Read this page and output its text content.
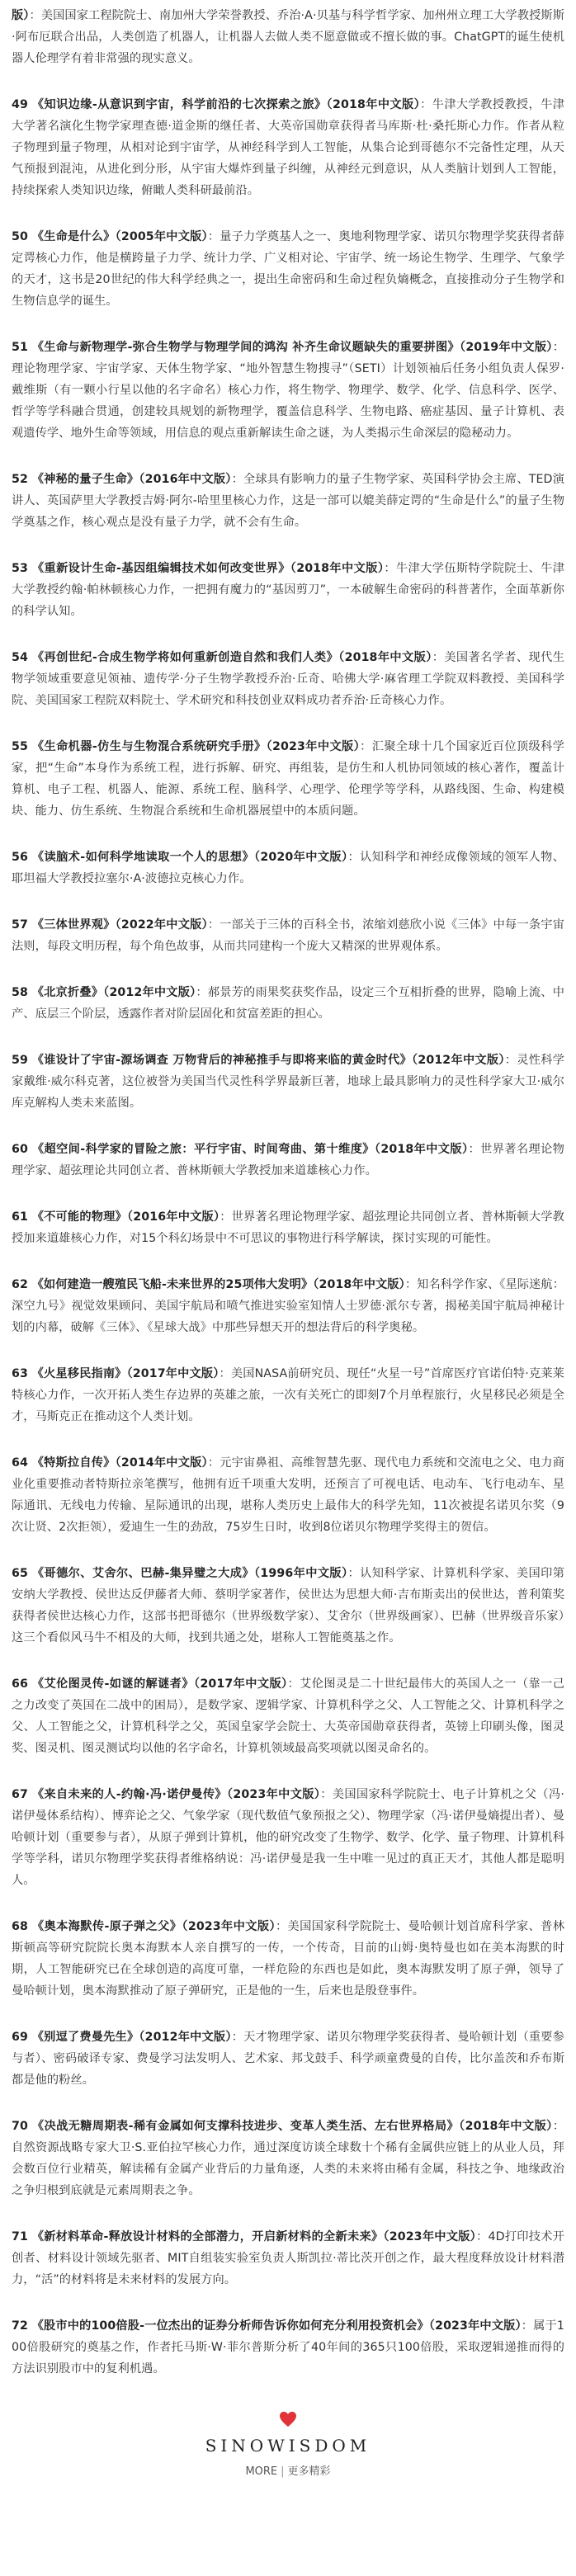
版）：美国国家工程院院士、南加州大学荣誉教授、乔治·A·贝基与科学哲学家、加州州立理工大学教授斯斯·阿布厄联合出品，人类创造了机器人，让机器人去做人类不愿意做或不擅长做的事。ChatGPT的诞生使机器人伦理学有着非常强的现实意义。

49 《知识边缘-从意识到宇宙，科学前沿的七次探索之旅》（2018年中文版）：牛津大学教授教授，牛津大学著名演化生物学家理查德·道金斯的继任者、大英帝国勋章获得者马库斯·杜·桑托斯心力作。作者从粒子物理到量子物理，从相对论到宇宙学，从神经科学到人工智能，从集合论到哥德尔不完备性定理，从天气预报到混沌，从进化到分形，从宇宙大爆炸到量子纠缠，从神经元到意识，从人类脑计划到人工智能，持续探索人类知识边缘，俯瞰人类科研最前沿。

50 《生命是什么》（2005年中文版）：量子力学奠基人之一、奥地利物理学家、诺贝尔物理学奖获得者薛定谔核心力作，他是横跨量子力学、统计力学、广义相对论、宇宙学、统一场论生物学、生理学、气象学的天才，这书是20世纪的伟大科学经典之一，提出生命密码和生命过程负熵概念，直接推动分子生物学和生物信息学的诞生。

51 《生命与新物理学-弥合生物学与物理学间的鸿沟 补齐生命议题缺失的重要拼图》（2019年中文版）：理论物理学家、宇宙学家、天体生物学家、“地外智慧生物搜寻”（SETI）计划领袖后任务小组负责人保罗·戴维斯（有一颗小行星以他的名字命名）核心力作，将生物学、物理学、数学、化学、信息科学、医学、哲学等学科融合贯通，创建较具规划的新物理学，覆盖信息科学、生物电路、癌症基因、量子计算机、表观遗传学、地外生命等领域，用信息的观点重新解读生命之谜，为人类揭示生命深层的隐秘动力。

52 《神秘的量子生命》（2016年中文版）：全球具有影响力的量子生物学家、英国科学协会主席、TED演讲人、英国萨里大学教授吉姆·阿尔-哈里里核心力作，这是一部可以媲美薛定谔的“生命是什么”的量子生物学奠基之作，核心观点是没有量子力学，就不会有生命。

53 《重新设计生命-基因组编辑技术如何改变世界》（2018年中文版）：牛津大学伍斯特学院院士、牛津大学教授约翰·帕林顿核心力作，一把拥有魔力的“基因剪刀”，一本破解生命密码的科普著作，全面革新你的科学认知。

54 《再创世纪-合成生物学将如何重新创造自然和我们人类》（2018年中文版）：美国著名学者、现代生物学领域重要意见领袖、遗传学·分子生物学教授乔治·丘奇、哈佛大学·麻省理工学院双料教授、美国科学院、美国国家工程院双料院士、学术研究和科技创业双料成功者乔治·丘奇核心力作。

55 《生命机器-仿生与生物混合系统研究手册》（2023年中文版）：汇聚全球十几个国家近百位顶级科学家，把“生命”本身作为系统工程，进行拆解、研究、再组装，是仿生和人机协同领域的核心著作，覆盖计算机、电子工程、机器人、能源、系统工程、脑科学、心理学、伦理学等学科，从路线图、生命、构建模块、能力、仿生系统、生物混合系统和生命机器展望中的本质问题。

56 《读脑术-如何科学地读取一个人的思想》（2020年中文版）：认知科学和神经成像领域的领军人物、耶坦福大学教授拉塞尔·A·波德拉克核心力作。

57 《三体世界观》（2022年中文版）：一部关于三体的百科全书，浓缩刘慈欣小说《三体》中每一条宇宙法则，每段文明历程，每个角色故事，从而共同建构一个庞大又精深的世界观体系。

58 《北京折叠》（2012年中文版）：郝景芳的雨果奖获奖作品，设定三个互相折叠的世界，隐喻上流、中产、底层三个阶层，透露作者对阶层固化和贫富差距的担心。

59 《谁设计了宇宙-源场调查 万物背后的神秘推手与即将来临的黄金时代》（2012年中文版）：灵性科学家戴维·威尔科克著，这位被誉为美国当代灵性科学界最新巨著，地球上最具影响力的灵性科学家大卫·威尔库克解构人类未来蓝图。

60 《超空间-科学家的冒险之旅：平行宇宙、时间弯曲、第十维度》（2018年中文版）：世界著名理论物理学家、超弦理论共同创立者、普林斯顿大学教授加来道雄核心力作。

61 《不可能的物理》（2016年中文版）：世界著名理论物理学家、超弦理论共同创立者、普林斯顿大学教授加来道雄核心力作，对15个科幻场景中不可思议的事物进行科学解读，探讨实现的可能性。

62 《如何建造一艘殖民飞船-未来世界的25项伟大发明》（2018年中文版）：知名科学作家、《星际迷航：深空九号》视觉效果顾问、美国宇航局和喷气推进实验室知情人士罗德·派尔专著，揭秘美国宇航局神秘计划的内幕，破解《三体》、《星球大战》中那些异想天开的想法背后的科学奥秘。

63 《火星移民指南》（2017年中文版）：美国NASA前研究员、现任“火星一号”首席医疗官诺伯特·克莱莱特核心力作，一次开拓人类生存边界的英雄之旅，一次有关死亡的即刻7个月单程旅行，火星移民必须是全才，马斯克正在推动这个人类计划。

64 《特斯拉自传》（2014年中文版）：元宇宙鼻祖、高维智慧先驱、现代电力系统和交流电之父、电力商业化重要推动者特斯拉亲笔撰写，他拥有近千项重大发明，还预言了可视电话、电动车、飞行电动车、星际通讯、无线电力传输、星际通讯的出现，堪称人类历史上最伟大的科学先知，11次被提名诺贝尔奖（9次让贤、2次拒领），爱迪生一生的劲敌，75岁生日时，收到8位诺贝尔物理学奖得主的贺信。

65 《哥德尔、艾舍尔、巴赫-集异璧之大成》（1996年中文版）：认知科学家、计算机科学家、美国印第安纳大学教授、侯世达反伊藤者大师、蔡明学家著作，侯世达为思想大师·吉布斯卖出的侯世达，普利策奖获得者侯世达核心力作，这部书把哥德尔（世界级数学家）、艾舍尔（世界级画家）、巴赫（世界级音乐家）这三个看似风马牛不相及的大师，找到共通之处，堪称人工智能奠基之作。

66 《艾伦图灵传-如谜的解谜者》（2017年中文版）：艾伦图灵是二十世纪最伟大的英国人之一（靠一己之力改变了英国在二战中的困局），是数学家、逻辑学家、计算机科学之父、人工智能之父、计算机科学之父、人工智能之父，计算机科学之父，英国皇家学会院士、大英帝国勋章获得者，英镑上印刷头像，图灵奖、图灵机、图灵测试均以他的名字命名，计算机领域最高奖项就以图灵命名的。

67 《来自未来的人-约翰·冯·诺伊曼传》（2023年中文版）：美国国家科学院院士、电子计算机之父（冯·诺伊曼体系结构）、博弈论之父、气象学家（现代数值气象预报之父）、物理学家（冯·诺伊曼熵提出者）、曼哈顿计划（重要参与者），从原子弹到计算机，他的研究改变了生物学、数学、化学、量子物理、计算机科学等学科，诺贝尔物理学奖获得者维格纳说：冯·诺伊曼是我一生中唯一见过的真正天才，其他人都是聪明人。

68 《奥本海默传-原子弹之父》（2023年中文版）：美国国家科学院院士、曼哈顿计划首席科学家、普林斯顿高等研究院院长奥本海默本人亲自撰写的一传，一个传奇，目前的山姆·奥特曼也如在美本海默的时期，人工智能研究已在全球创造的高度可靠，一样危险的东西也是如此，奥本海默发明了原子弹，领导了曼哈顿计划，奥本海默推动了原子弹研究，正是他的一生，后来也是殷登事件。

69 《别逗了费曼先生》（2012年中文版）：天才物理学家、诺贝尔物理学奖获得者、曼哈顿计划（重要参与者）、密码破译专家、费曼学习法发明人、艺术家、邦戈鼓手、科学顽童费曼的自传，比尔盖茨和乔布斯都是他的粉丝。

70 《决战无糖周期表-稀有金属如何支撑科技进步、变革人类生活、左右世界格局》（2018年中文版）：自然资源战略专家大卫·S.亚伯拉罕核心力作，通过深度访谈全球数十个稀有金属供应链上的从业人员，拜会数百位行业精英，解读稀有金属产业背后的力量角逐，人类的未来将由稀有金属，科技之争、地缘政治之争归根到底就是元素周期表之争。

71 《新材料革命-释放设计材料的全部潜力，开启新材料的全新未来》（2023年中文版）：4D打印技术开创者、材料设计领域先驱者、MIT自组装实验室负责人斯凯拉·蒂比茨开创之作，最大程度释放设计材料潜力，“活”的材料将是未来材料的发展方向。

72 《股市中的100倍股-一位杰出的证券分析师告诉你如何充分利用投资机会》（2023年中文版）：属于100倍股研究的奠基之作，作者托马斯·W·菲尔普斯分析了40年间的365只100倍股，采取逻辑递推而得的方法识别股市中的复利机遇。

SINOWISDOM
MORE | 更多精彩
